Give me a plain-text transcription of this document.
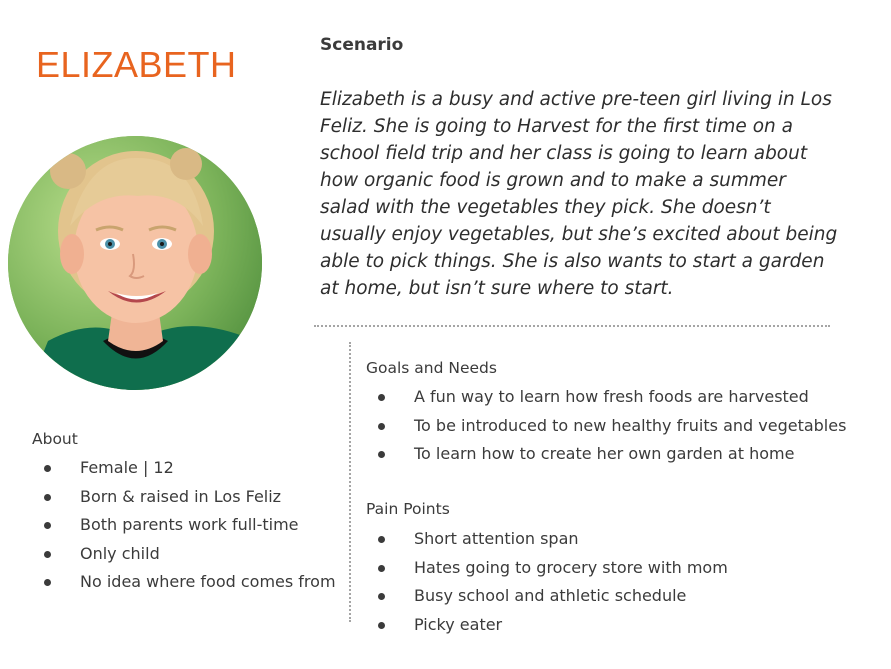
ELIZABETH	Scenario

Elizabeth is a busy and active pre-teen girl living in Los Feliz. She is going to Harvest for the first time on a school field trip and her class is going to learn about how organic food is grown and to make a summer salad with the vegetables they pick. She doesn’t usually enjoy vegetables, but she’s excited about being able to pick things. She is also wants to start a garden at home, but isn’t sure where to start.

About
Female | 12
Born & raised in Los Feliz
Both parents work full-time
Only child
No idea where food comes from
Goals and Needs
A fun way to learn how fresh foods are harvested
To be introduced to new healthy fruits and vegetables
To learn how to create her own garden at home
Pain Points
Short attention span
Hates going to grocery store with mom
Busy school and athletic schedule
Picky eater
